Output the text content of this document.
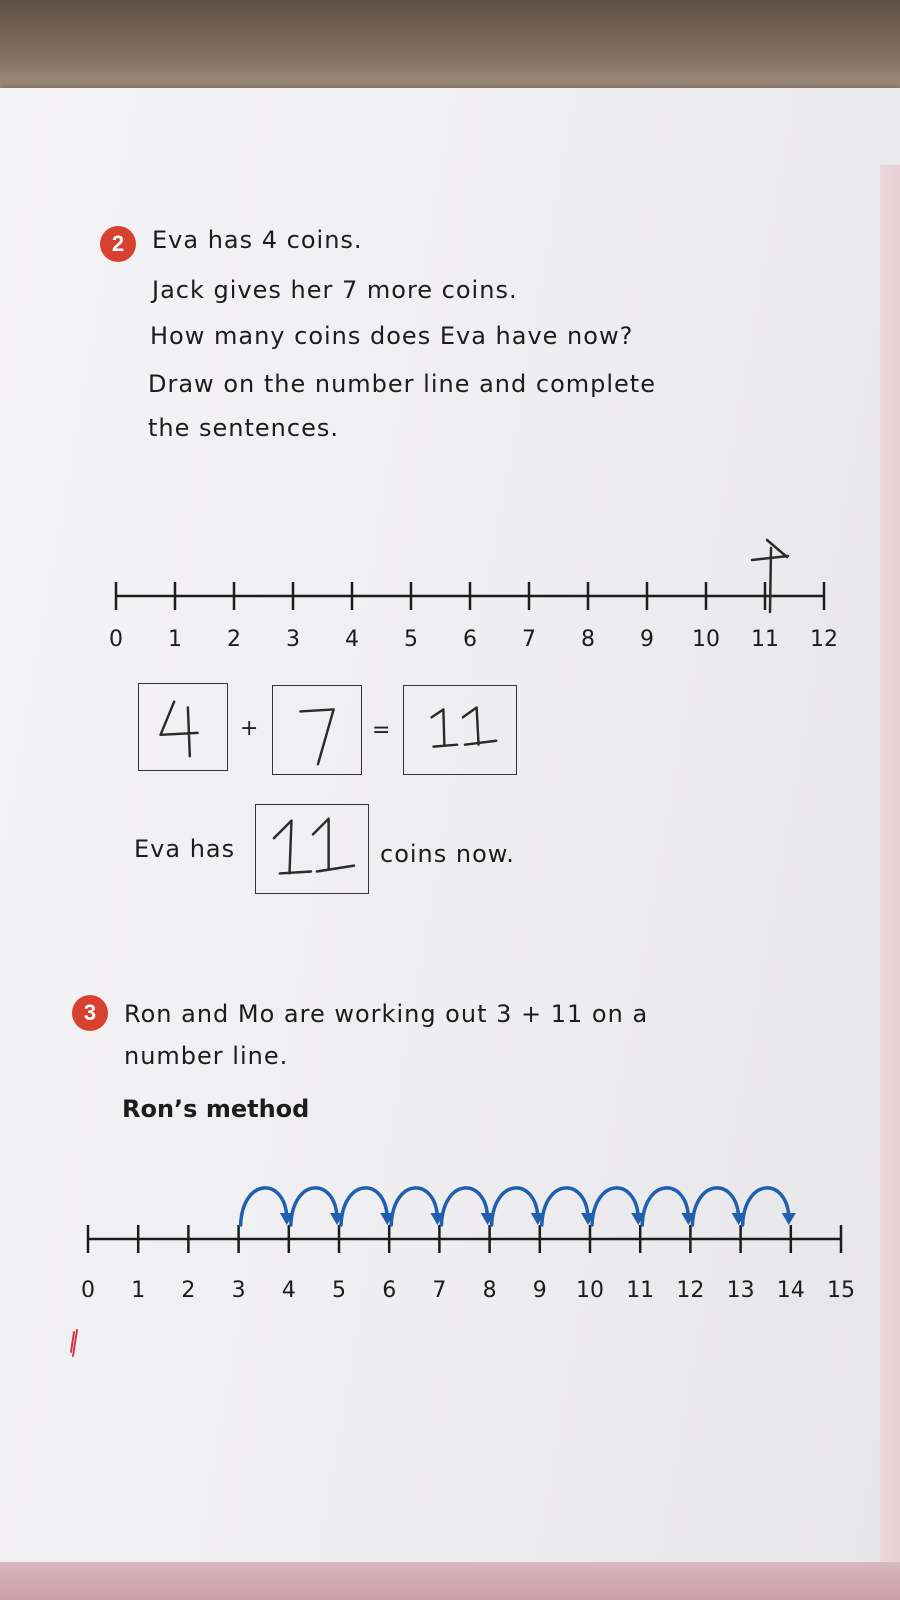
2	Eva has 4 coins.
Jack gives her 7 more coins.
How many coins does Eva have now?
Draw on the number line and complete
the sentences.
0 1 2 3 4 5 6 7 8 9 10 11 12
+	=
Eva has	coins now.
3	Ron and Mo are working out 3 + 11 on a
number line.
Ron’s method
0 1 2 3 4 5 6 7 8 9 10 11 12 13 14 15
